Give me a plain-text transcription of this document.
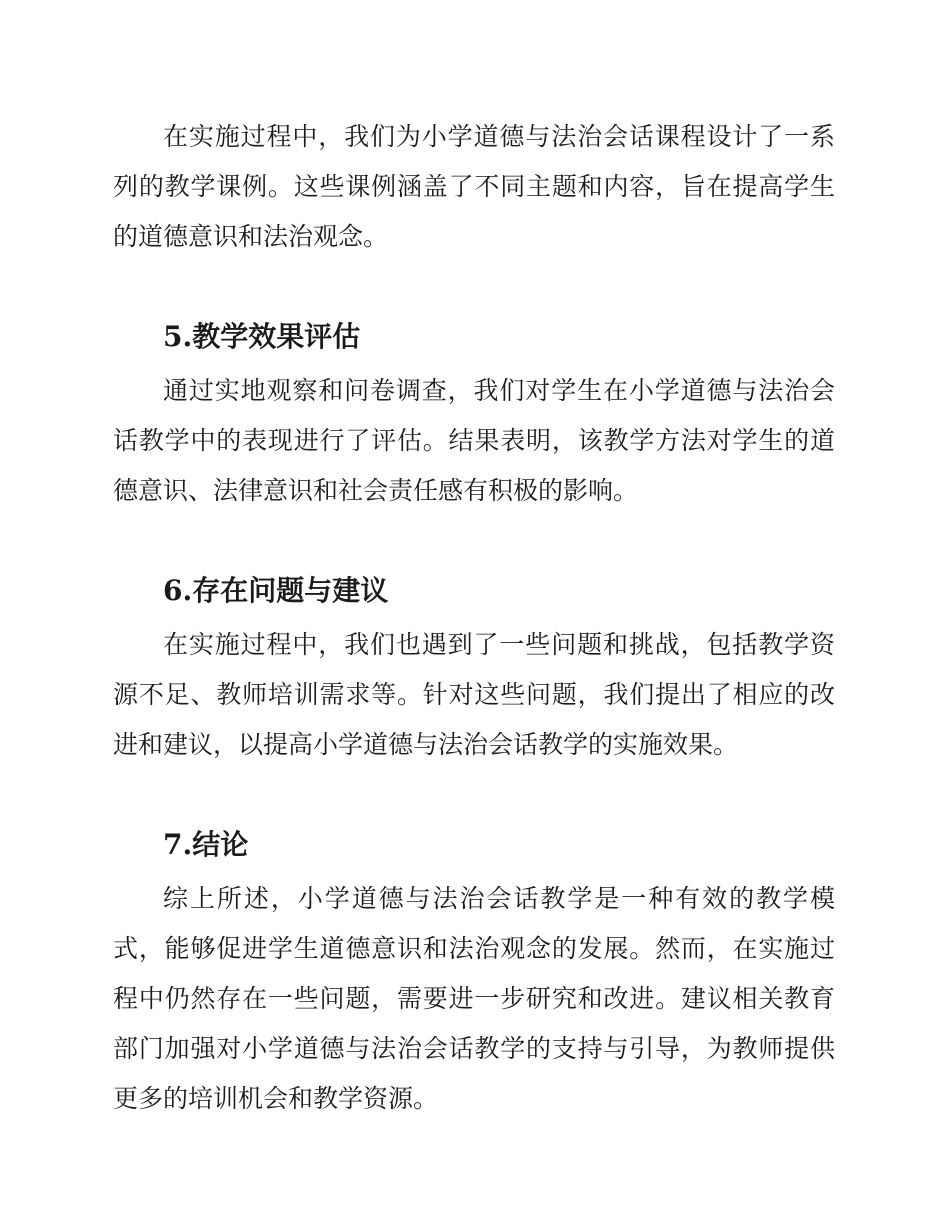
在实施过程中，我们为小学道德与法治会话课程设计了一系列的教学课例。这些课例涵盖了不同主题和内容，旨在提高学生的道德意识和法治观念。

5.教学效果评估

通过实地观察和问卷调查，我们对学生在小学道德与法治会话教学中的表现进行了评估。结果表明，该教学方法对学生的道德意识、法律意识和社会责任感有积极的影响。

6.存在问题与建议

在实施过程中，我们也遇到了一些问题和挑战，包括教学资源不足、教师培训需求等。针对这些问题，我们提出了相应的改进和建议，以提高小学道德与法治会话教学的实施效果。

7.结论

综上所述，小学道德与法治会话教学是一种有效的教学模式，能够促进学生道德意识和法治观念的发展。然而，在实施过程中仍然存在一些问题，需要进一步研究和改进。建议相关教育部门加强对小学道德与法治会话教学的支持与引导，为教师提供更多的培训机会和教学资源。
